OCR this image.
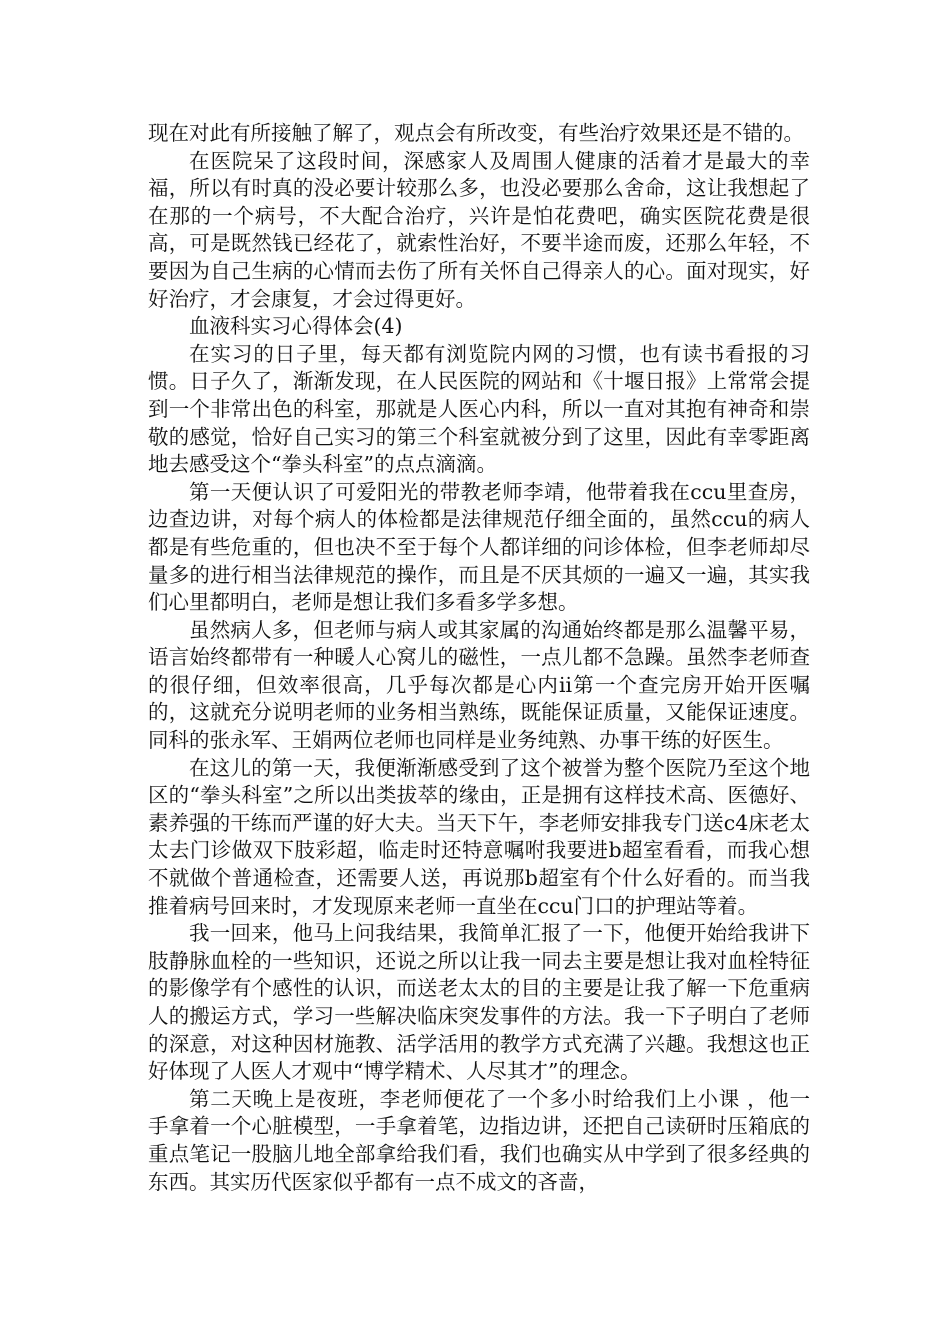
现在对此有所接触了解了，观点会有所改变，有些治疗效果还是不错的。

在医院呆了这段时间，深感家人及周围人健康的活着才是最大的幸福，所以有时真的没必要计较那么多，也没必要那么舍命，这让我想起了在那的一个病号，不大配合治疗，兴许是怕花费吧，确实医院花费是很高，可是既然钱已经花了，就索性治好，不要半途而废，还那么年轻，不要因为自己生病的心情而去伤了所有关怀自己得亲人的心。面对现实，好好治疗，才会康复，才会过得更好。

血液科实习心得体会(4)

在实习的日子里，每天都有浏览院内网的习惯，也有读书看报的习惯。日子久了，渐渐发现，在人民医院的网站和《十堰日报》上常常会提到一个非常出色的科室，那就是人医心内科，所以一直对其抱有神奇和崇敬的感觉，恰好自己实习的第三个科室就被分到了这里，因此有幸零距离地去感受这个“拳头科室”的点点滴滴。

第一天便认识了可爱阳光的带教老师李靖，他带着我在ccu里查房，边查边讲，对每个病人的体检都是法律规范仔细全面的，虽然ccu的病人都是有些危重的，但也决不至于每个人都详细的问诊体检，但李老师却尽量多的进行相当法律规范的操作，而且是不厌其烦的一遍又一遍，其实我们心里都明白，老师是想让我们多看多学多想。

虽然病人多，但老师与病人或其家属的沟通始终都是那么温馨平易，语言始终都带有一种暖人心窝儿的磁性，一点儿都不急躁。虽然李老师查的很仔细，但效率很高，几乎每次都是心内ii第一个查完房开始开医嘱的，这就充分说明老师的业务相当熟练，既能保证质量，又能保证速度。同科的张永军、王娟两位老师也同样是业务纯熟、办事干练的好医生。

在这儿的第一天，我便渐渐感受到了这个被誉为整个医院乃至这个地区的“拳头科室”之所以出类拔萃的缘由，正是拥有这样技术高、医德好、素养强的干练而严谨的好大夫。当天下午，李老师安排我专门送c4床老太太去门诊做双下肢彩超，临走时还特意嘱咐我要进b超室看看，而我心想不就做个普通检查，还需要人送，再说那b超室有个什么好看的。而当我推着病号回来时，才发现原来老师一直坐在ccu门口的护理站等着。

我一回来，他马上问我结果，我简单汇报了一下，他便开始给我讲下肢静脉血栓的一些知识，还说之所以让我一同去主要是想让我对血栓特征的影像学有个感性的认识，而送老太太的目的主要是让我了解一下危重病人的搬运方式，学习一些解决临床突发事件的方法。我一下子明白了老师的深意，对这种因材施教、活学活用的教学方式充满了兴趣。我想这也正好体现了人医人才观中“博学精术、人尽其才”的理念。

第二天晚上是夜班，李老师便花了一个多小时给我们上小课 ，他一手拿着一个心脏模型，一手拿着笔，边指边讲，还把自己读研时压箱底的重点笔记一股脑儿地全部拿给我们看，我们也确实从中学到了很多经典的东西。其实历代医家似乎都有一点不成文的吝啬，
